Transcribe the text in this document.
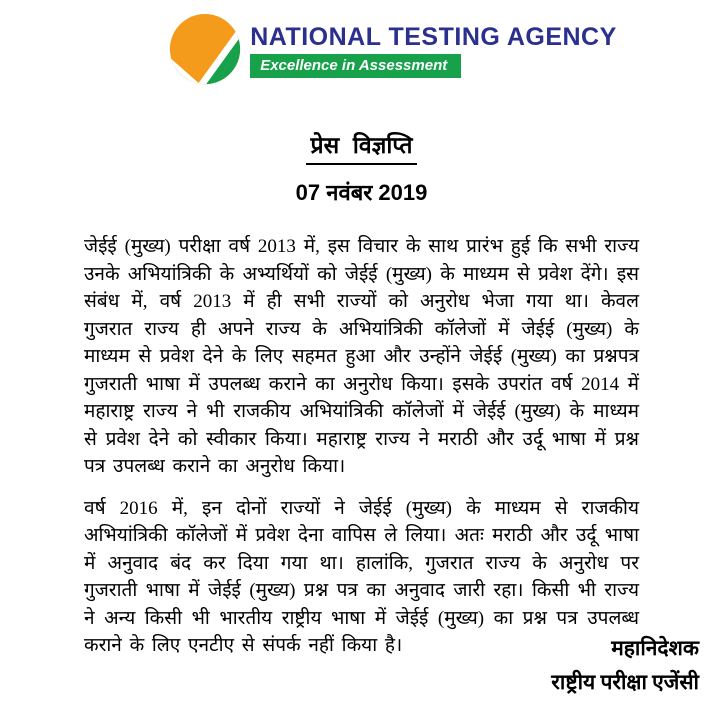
NATIONAL TESTING AGENCY
Excellence in Assessment
प्रेस विज्ञप्ति
07 नवंबर 2019

जेईई (मुख्य) परीक्षा वर्ष 2013 में, इस विचार के साथ प्रारंभ हुई कि सभी राज्य उनके अभियांत्रिकी के अभ्यर्थियों को जेईई (मुख्य) के माध्यम से प्रवेश देंगे। इस संबंध में, वर्ष 2013 में ही सभी राज्यों को अनुरोध भेजा गया था। केवल गुजरात राज्य ही अपने राज्य के अभियांत्रिकी कॉलेजों में जेईई (मुख्य) के माध्यम से प्रवेश देने के लिए सहमत हुआ और उन्होंने जेईई (मुख्य) का प्रश्नपत्र गुजराती भाषा में उपलब्ध कराने का अनुरोध किया। इसके उपरांत वर्ष 2014 में महाराष्ट्र राज्य ने भी राजकीय अभियांत्रिकी कॉलेजों में जेईई (मुख्य) के माध्यम से प्रवेश देने को स्वीकार किया। महाराष्ट्र राज्य ने मराठी और उर्दू भाषा में प्रश्न पत्र उपलब्ध कराने का अनुरोध किया।

वर्ष 2016 में, इन दोनों राज्यों ने जेईई (मुख्य) के माध्यम से राजकीय अभियांत्रिकी कॉलेजों में प्रवेश देना वापिस ले लिया। अतः मराठी और उर्दू भाषा में अनुवाद बंद कर दिया गया था। हालांकि, गुजरात राज्य के अनुरोध पर गुजराती भाषा में जेईई (मुख्य) प्रश्न पत्र का अनुवाद जारी रहा। किसी भी राज्य ने अन्य किसी भी भारतीय राष्ट्रीय भाषा में जेईई (मुख्य) का प्रश्न पत्र उपलब्ध कराने के लिए एनटीए से संपर्क नहीं किया है।	महानिदेशक
राष्ट्रीय परीक्षा एजेंसी
